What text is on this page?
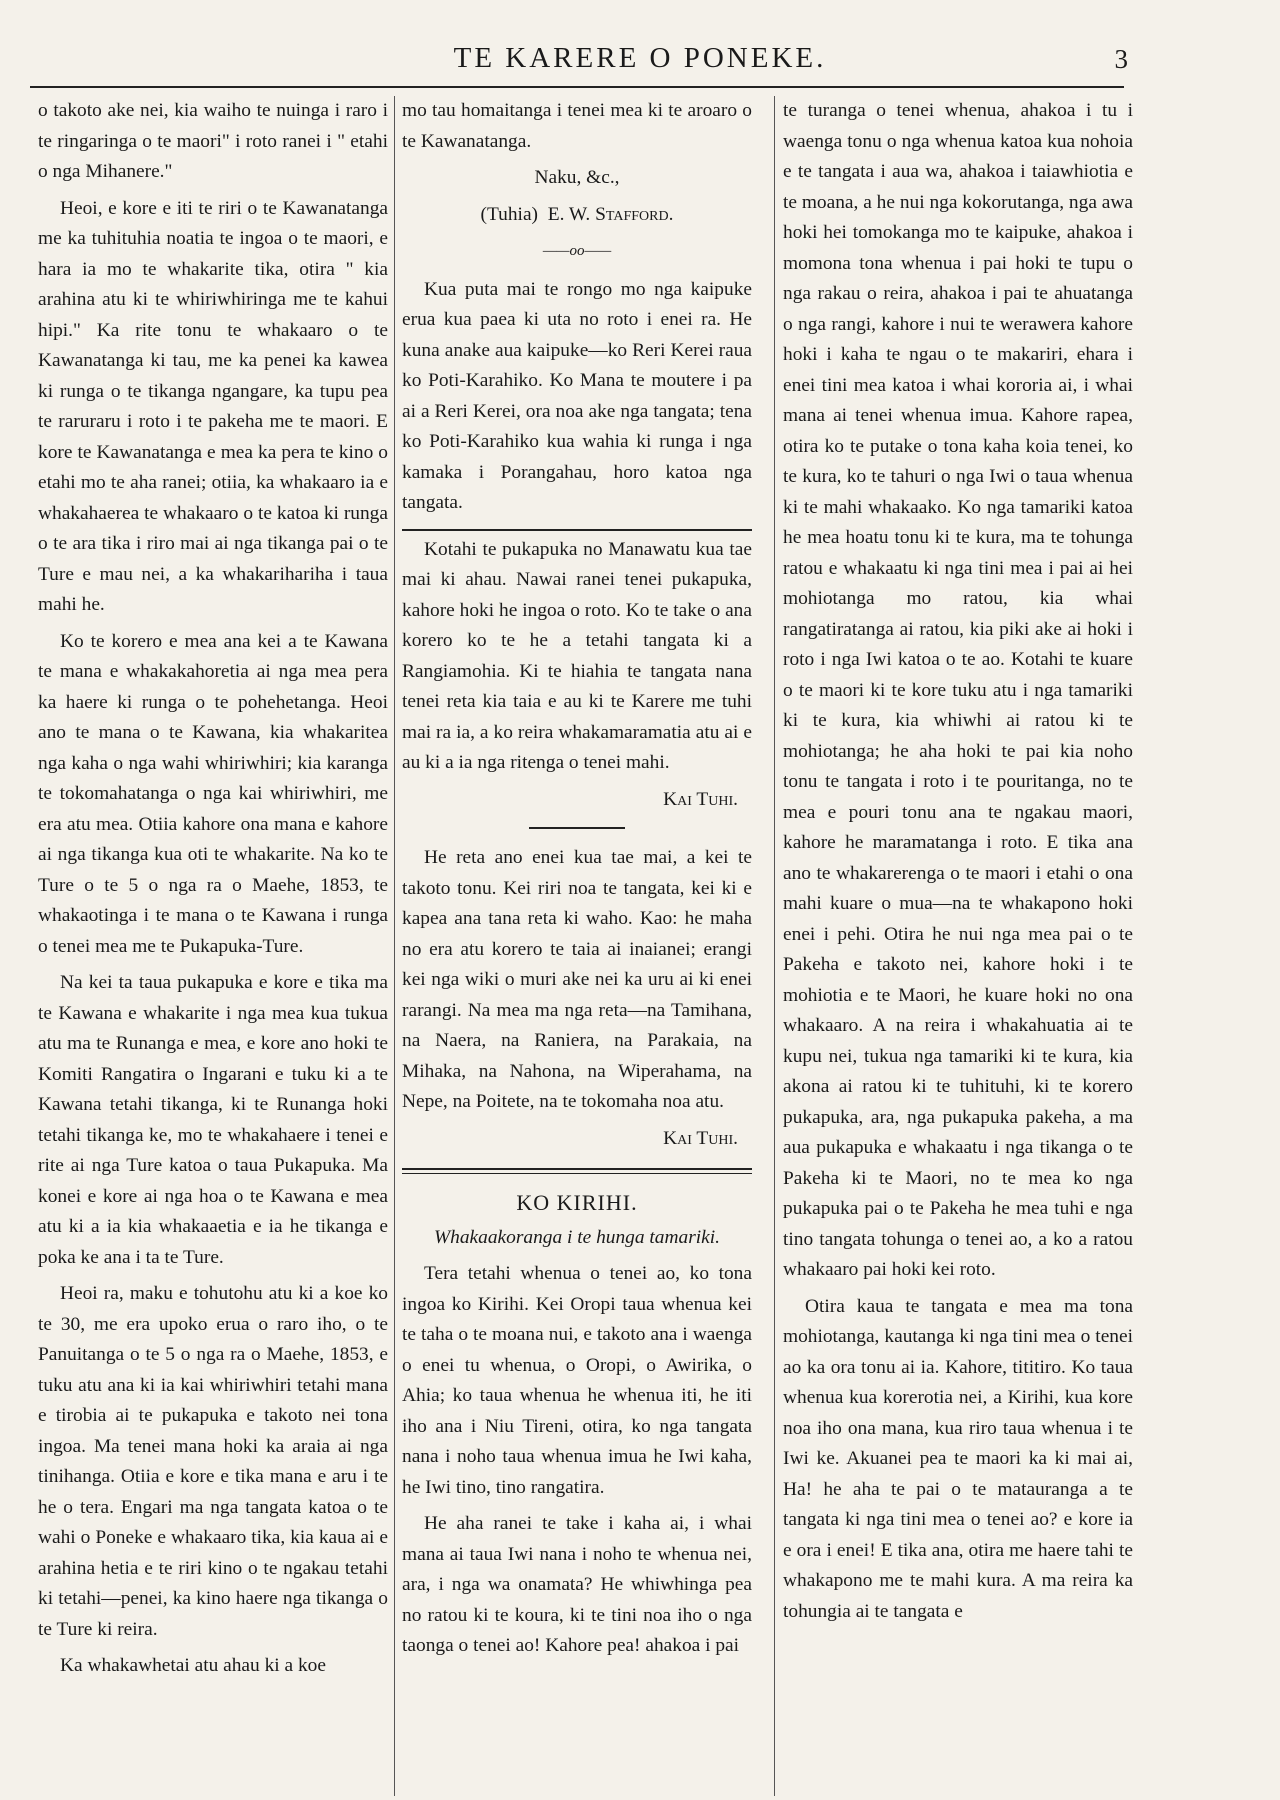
TE KARERE O PONEKE.	3

o takoto ake nei, kia waiho te nuinga i raro i te ringaringa o te maori" i roto ranei i " etahi o nga Mihanere."

Heoi, e kore e iti te riri o te Kawanatanga me ka tuhituhia noatia te ingoa o te maori, e hara ia mo te whakarite tika, otira " kia arahina atu ki te whiriwhiringa me te kahui hipi." Ka rite tonu te whakaaro o te Kawanatanga ki tau, me ka penei ka kawea ki runga o te tikanga ngangare, ka tupu pea te raruraru i roto i te pakeha me te maori. E kore te Kawanatanga e mea ka pera te kino o etahi mo te aha ranei; otiia, ka whakaaro ia e whakahaerea te whakaaro o te katoa ki runga o te ara tika i riro mai ai nga tikanga pai o te Ture e mau nei, a ka whakarihariha i taua mahi he.

Ko te korero e mea ana kei a te Kawana te mana e whakakahoretia ai nga mea pera ka haere ki runga o te pohehetanga. Heoi ano te mana o te Kawana, kia whakaritea nga kaha o nga wahi whiriwhiri; kia karanga te tokomahatanga o nga kai whiriwhiri, me era atu mea. Otiia kahore ona mana e kahore ai nga tikanga kua oti te whakarite. Na ko te Ture o te 5 o nga ra o Maehe, 1853, te whakaotinga i te mana o te Kawana i runga o tenei mea me te Pukapuka-Ture.

Na kei ta taua pukapuka e kore e tika ma te Kawana e whakarite i nga mea kua tukua atu ma te Runanga e mea, e kore ano hoki te Komiti Rangatira o Ingarani e tuku ki a te Kawana tetahi tikanga, ki te Runanga hoki tetahi tikanga ke, mo te whakahaere i tenei e rite ai nga Ture katoa o taua Pukapuka. Ma konei e kore ai nga hoa o te Kawana e mea atu ki a ia kia whakaaetia e ia he tikanga e poka ke ana i ta te Ture.

Heoi ra, maku e tohutohu atu ki a koe ko te 30, me era upoko erua o raro iho, o te Panuitanga o te 5 o nga ra o Maehe, 1853, e tuku atu ana ki ia kai whiriwhiri tetahi mana e tirobia ai te pukapuka e takoto nei tona ingoa. Ma tenei mana hoki ka araia ai nga tinihanga. Otiia e kore e tika mana e aru i te he o tera. Engari ma nga tangata katoa o te wahi o Poneke e whakaaro tika, kia kaua ai e arahina hetia e te riri kino o te ngakau tetahi ki tetahi—penei, ka kino haere nga tikanga o te Ture ki reira.

Ka whakawhetai atu ahau ki a koe

mo tau homaitanga i tenei mea ki te aroaro o te Kawanatanga.

Naku, &c.,

(Tuhia) E. W. Stafford.

——oo——

Kua puta mai te rongo mo nga kaipuke erua kua paea ki uta no roto i enei ra. He kuna anake aua kaipuke—ko Reri Kerei raua ko Poti-Karahiko. Ko Mana te moutere i pa ai a Reri Kerei, ora noa ake nga tangata; tena ko Poti-Karahiko kua wahia ki runga i nga kamaka i Porangahau, horo katoa nga tangata.

Kotahi te pukapuka no Manawatu kua tae mai ki ahau. Nawai ranei tenei pukapuka, kahore hoki he ingoa o roto. Ko te take o ana korero ko te he a tetahi tangata ki a Rangiamohia. Ki te hiahia te tangata nana tenei reta kia taia e au ki te Karere me tuhi mai ra ia, a ko reira whakamaramatia atu ai e au ki a ia nga ritenga o tenei mahi.

Kai Tuhi.

He reta ano enei kua tae mai, a kei te takoto tonu. Kei riri noa te tangata, kei ki e kapea ana tana reta ki waho. Kao: he maha no era atu korero te taia ai inaianei; erangi kei nga wiki o muri ake nei ka uru ai ki enei rarangi. Na mea ma nga reta—na Tamihana, na Naera, na Raniera, na Parakaia, na Mihaka, na Nahona, na Wiperahama, na Nepe, na Poitete, na te tokomaha noa atu.

Kai Tuhi.

KO KIRIHI.

Whakaakoranga i te hunga tamariki.

Tera tetahi whenua o tenei ao, ko tona ingoa ko Kirihi. Kei Oropi taua whenua kei te taha o te moana nui, e takoto ana i waenga o enei tu whenua, o Oropi, o Awirika, o Ahia; ko taua whenua he whenua iti, he iti iho ana i Niu Tireni, otira, ko nga tangata nana i noho taua whenua imua he Iwi kaha, he Iwi tino, tino rangatira.

He aha ranei te take i kaha ai, i whai mana ai taua Iwi nana i noho te whenua nei, ara, i nga wa onamata? He whiwhinga pea no ratou ki te koura, ki te tini noa iho o nga taonga o tenei ao! Kahore pea! ahakoa i pai

te turanga o tenei whenua, ahakoa i tu i waenga tonu o nga whenua katoa kua nohoia e te tangata i aua wa, ahakoa i taiawhiotia e te moana, a he nui nga kokorutanga, nga awa hoki hei tomokanga mo te kaipuke, ahakoa i momona tona whenua i pai hoki te tupu o nga rakau o reira, ahakoa i pai te ahuatanga o nga rangi, kahore i nui te werawera kahore hoki i kaha te ngau o te makariri, ehara i enei tini mea katoa i whai kororia ai, i whai mana ai tenei whenua imua. Kahore rapea, otira ko te putake o tona kaha koia tenei, ko te kura, ko te tahuri o nga Iwi o taua whenua ki te mahi whakaako. Ko nga tamariki katoa he mea hoatu tonu ki te kura, ma te tohunga ratou e whakaatu ki nga tini mea i pai ai hei mohiotanga mo ratou, kia whai rangatiratanga ai ratou, kia piki ake ai hoki i roto i nga Iwi katoa o te ao. Kotahi te kuare o te maori ki te kore tuku atu i nga tamariki ki te kura, kia whiwhi ai ratou ki te mohiotanga; he aha hoki te pai kia noho tonu te tangata i roto i te pouritanga, no te mea e pouri tonu ana te ngakau maori, kahore he maramatanga i roto. E tika ana ano te whakarerenga o te maori i etahi o ona mahi kuare o mua—na te whakapono hoki enei i pehi. Otira he nui nga mea pai o te Pakeha e takoto nei, kahore hoki i te mohiotia e te Maori, he kuare hoki no ona whakaaro. A na reira i whakahuatia ai te kupu nei, tukua nga tamariki ki te kura, kia akona ai ratou ki te tuhituhi, ki te korero pukapuka, ara, nga pukapuka pakeha, a ma aua pukapuka e whakaatu i nga tikanga o te Pakeha ki te Maori, no te mea ko nga pukapuka pai o te Pakeha he mea tuhi e nga tino tangata tohunga o tenei ao, a ko a ratou whakaaro pai hoki kei roto.

Otira kaua te tangata e mea ma tona mohiotanga, kautanga ki nga tini mea o tenei ao ka ora tonu ai ia. Kahore, tititiro. Ko taua whenua kua korerotia nei, a Kirihi, kua kore noa iho ona mana, kua riro taua whenua i te Iwi ke. Akuanei pea te maori ka ki mai ai, Ha! he aha te pai o te matauranga a te tangata ki nga tini mea o tenei ao? e kore ia e ora i enei! E tika ana, otira me haere tahi te whakapono me te mahi kura. A ma reira ka tohungia ai te tangata e
